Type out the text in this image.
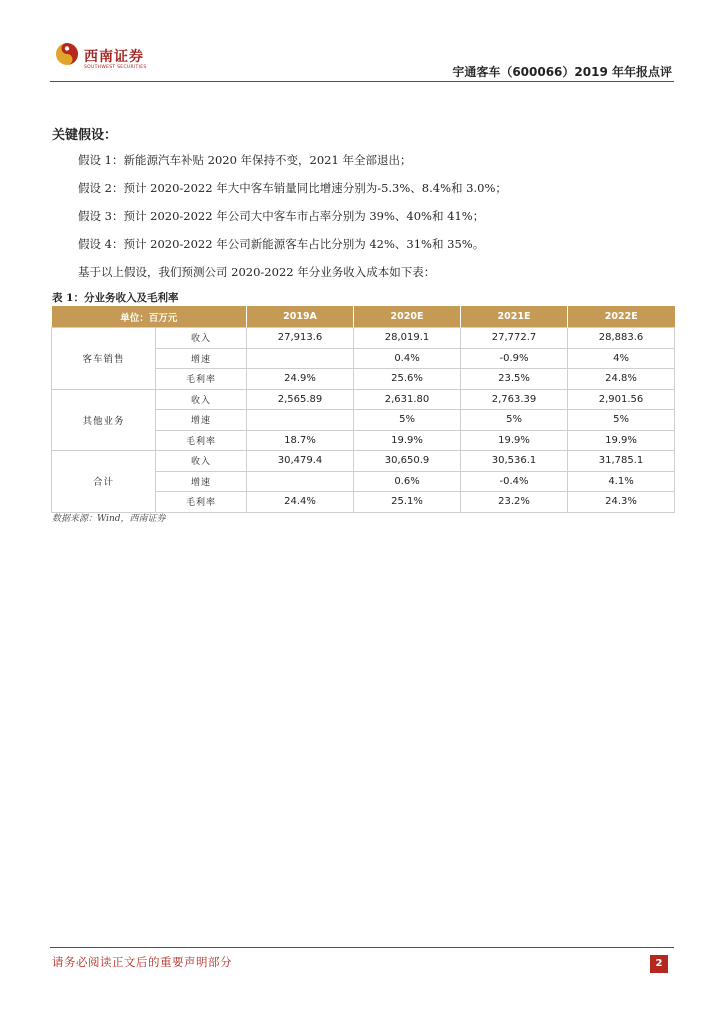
西南证券
SOUTHWEST SECURITIES	宇通客车（600066）2019 年年报点评
关键假设：
假设 1：新能源汽车补贴 2020 年保持不变，2021 年全部退出；
假设 2：预计 2020-2022 年大中客车销量同比增速分别为-5.3%、8.4%和 3.0%；
假设 3：预计 2020-2022 年公司大中客车市占率分别为 39%、40%和 41%；
假设 4：预计 2020-2022 年公司新能源客车占比分别为 42%、31%和 35%。
基于以上假设，我们预测公司 2020-2022 年分业务收入成本如下表：
表 1：分业务收入及毛利率
单位：百万元		2019A	2020E	2021E	2022E
客车销售	收入	27,913.6	28,019.1	27,772.7	28,883.6
	增速		0.4%	-0.9%	4%
	毛利率	24.9%	25.6%	23.5%	24.8%
其他业务	收入	2,565.89	2,631.80	2,763.39	2,901.56
	增速		5%	5%	5%
	毛利率	18.7%	19.9%	19.9%	19.9%
合计	收入	30,479.4	30,650.9	30,536.1	31,785.1
	增速		0.6%	-0.4%	4.1%
	毛利率	24.4%	25.1%	23.2%	24.3%
数据来源：Wind，西南证券
请务必阅读正文后的重要声明部分	2
